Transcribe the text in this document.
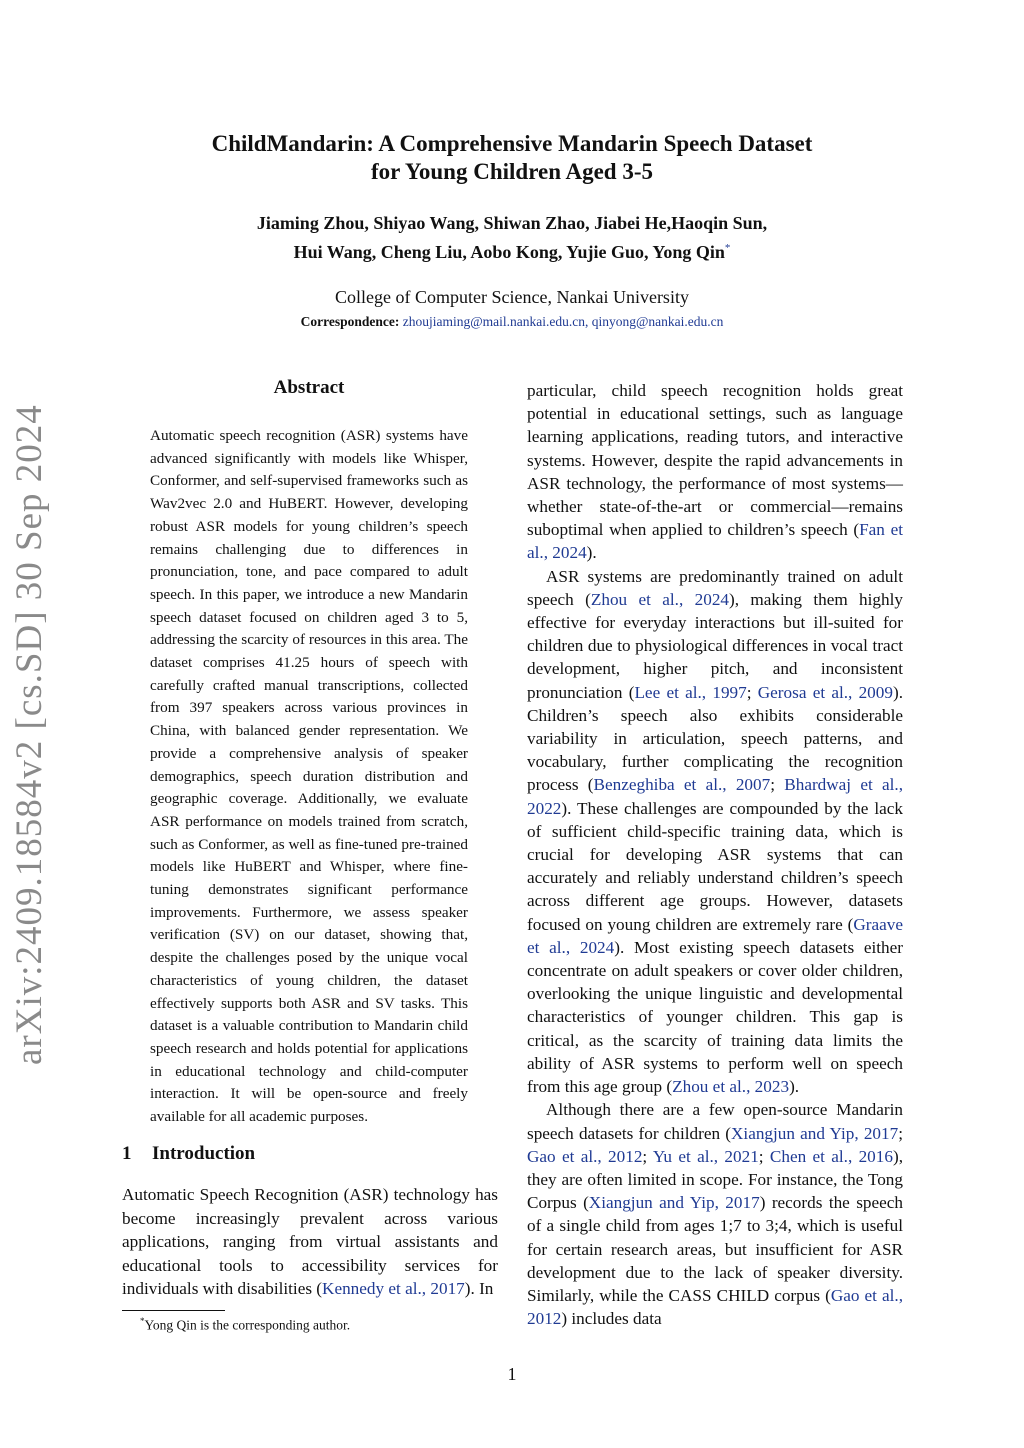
arXiv:2409.18584v2 [cs.SD] 30 Sep 2024
ChildMandarin: A Comprehensive Mandarin Speech Dataset
for Young Children Aged 3-5
Jiaming Zhou, Shiyao Wang, Shiwan Zhao, Jiabei He,Haoqin Sun,
Hui Wang, Cheng Liu, Aobo Kong, Yujie Guo, Yong Qin*
College of Computer Science, Nankai University
Correspondence: zhoujiaming@mail.nankai.edu.cn, qinyong@nankai.edu.cn
Abstract
Automatic speech recognition (ASR) systems have advanced significantly with models like Whisper, Conformer, and self-supervised frameworks such as Wav2vec 2.0 and HuBERT. However, developing robust ASR models for young children’s speech remains challenging due to differences in pronunciation, tone, and pace compared to adult speech. In this paper, we introduce a new Mandarin speech dataset focused on children aged 3 to 5, addressing the scarcity of resources in this area. The dataset comprises 41.25 hours of speech with carefully crafted manual transcriptions, collected from 397 speakers across various provinces in China, with balanced gender representation. We provide a comprehensive analysis of speaker demographics, speech duration distribution and geographic coverage. Additionally, we evaluate ASR performance on models trained from scratch, such as Conformer, as well as fine-tuned pre-trained models like HuBERT and Whisper, where fine-tuning demonstrates significant performance improvements. Furthermore, we assess speaker verification (SV) on our dataset, showing that, despite the challenges posed by the unique vocal characteristics of young children, the dataset effectively supports both ASR and SV tasks. This dataset is a valuable contribution to Mandarin child speech research and holds potential for applications in educational technology and child-computer interaction. It will be open-source and freely available for all academic purposes.
1 Introduction
Automatic Speech Recognition (ASR) technology has become increasingly prevalent across various applications, ranging from virtual assistants and educational tools to accessibility services for individuals with disabilities (Kennedy et al., 2017). In
*Yong Qin is the corresponding author.

particular, child speech recognition holds great potential in educational settings, such as language learning applications, reading tutors, and interactive systems. However, despite the rapid advancements in ASR technology, the performance of most systems—whether state-of-the-art or commercial—remains suboptimal when applied to children’s speech (Fan et al., 2024).

ASR systems are predominantly trained on adult speech (Zhou et al., 2024), making them highly effective for everyday interactions but ill-suited for children due to physiological differences in vocal tract development, higher pitch, and inconsistent pronunciation (Lee et al., 1997; Gerosa et al., 2009). Children’s speech also exhibits considerable variability in articulation, speech patterns, and vocabulary, further complicating the recognition process (Benzeghiba et al., 2007; Bhardwaj et al., 2022). These challenges are compounded by the lack of sufficient child-specific training data, which is crucial for developing ASR systems that can accurately and reliably understand children’s speech across different age groups. However, datasets focused on young children are extremely rare (Graave et al., 2024). Most existing speech datasets either concentrate on adult speakers or cover older children, overlooking the unique linguistic and developmental characteristics of younger children. This gap is critical, as the scarcity of training data limits the ability of ASR systems to perform well on speech from this age group (Zhou et al., 2023).

Although there are a few open-source Mandarin speech datasets for children (Xiangjun and Yip, 2017; Gao et al., 2012; Yu et al., 2021; Chen et al., 2016), they are often limited in scope. For instance, the Tong Corpus (Xiangjun and Yip, 2017) records the speech of a single child from ages 1;7 to 3;4, which is useful for certain research areas, but insufficient for ASR development due to the lack of speaker diversity. Similarly, while the CASS CHILD corpus (Gao et al., 2012) includes data

1
